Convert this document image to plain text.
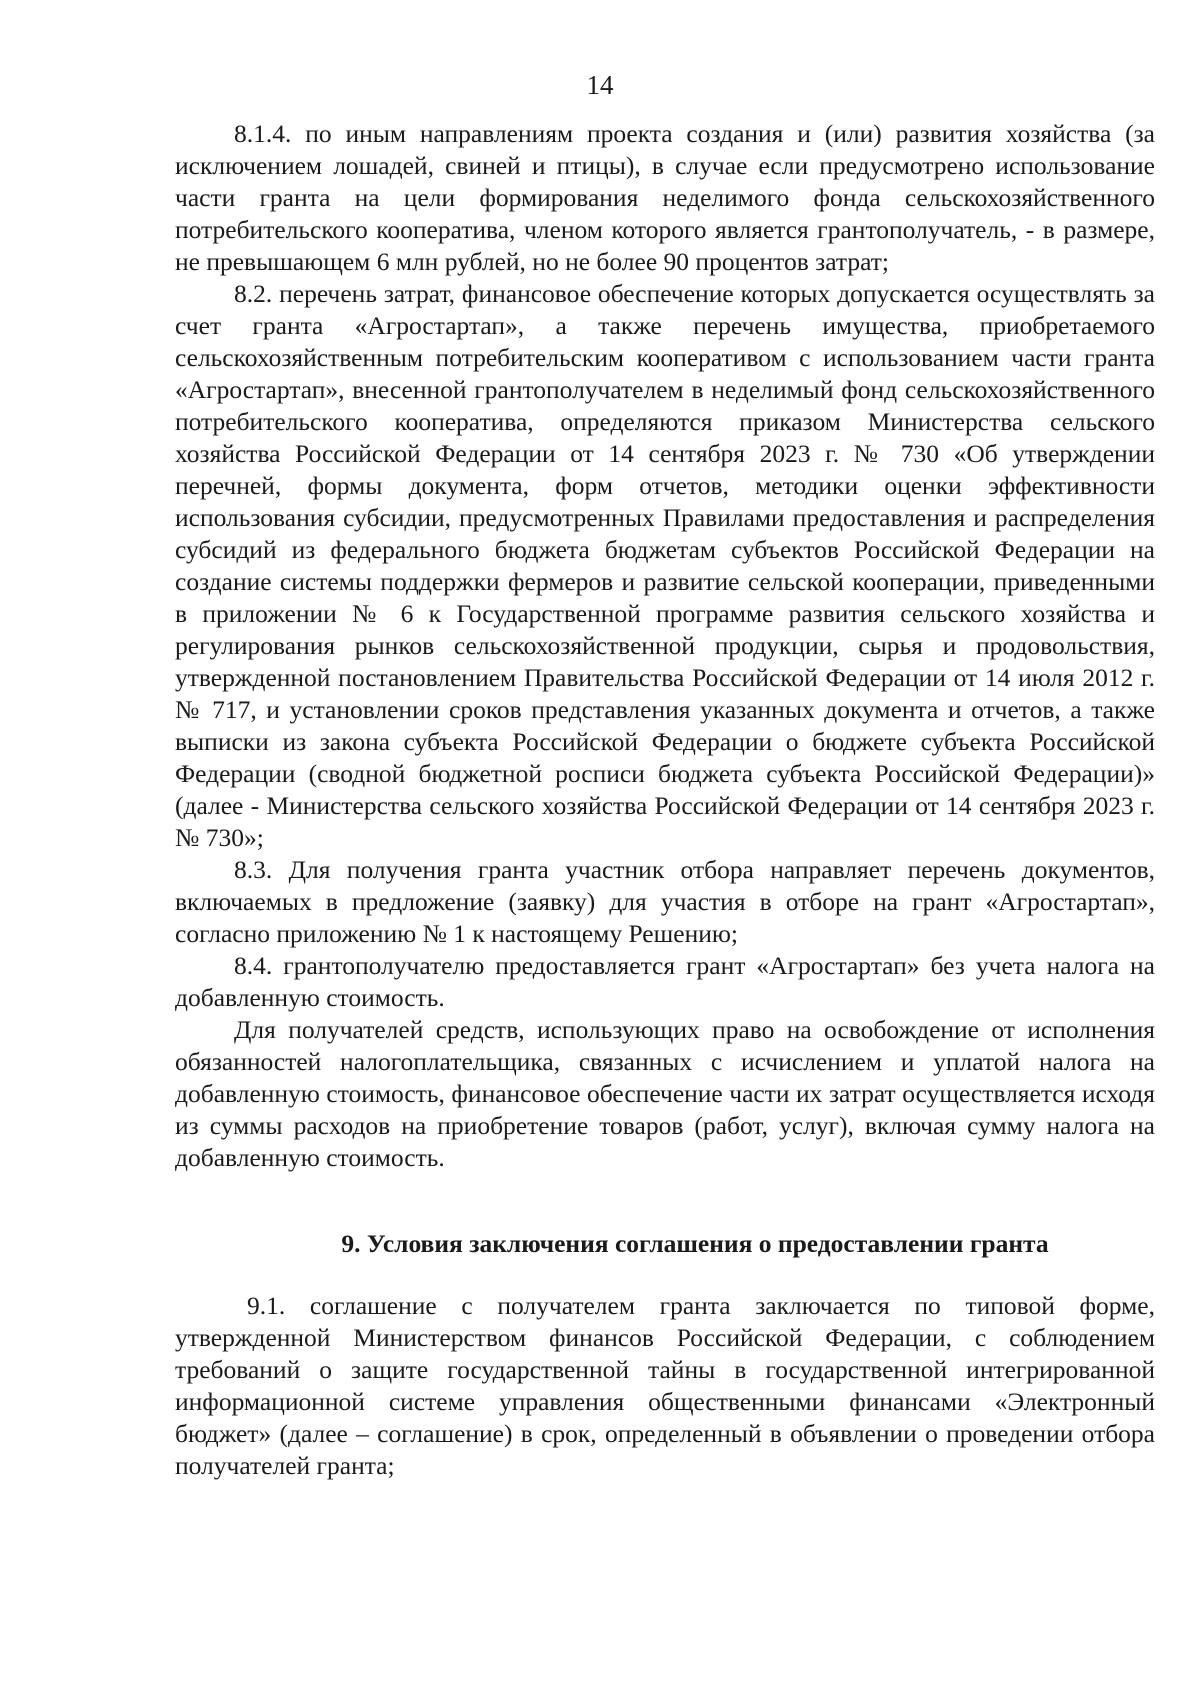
14

8.1.4. по иным направлениям проекта создания и (или) развития хозяйства (за исключением лошадей, свиней и птицы), в случае если предусмотрено использование части гранта на цели формирования неделимого фонда сельскохозяйственного потребительского кооператива, членом которого является грантополучатель, - в размере, не превышающем 6 млн рублей, но не более 90 процентов затрат;

8.2. перечень затрат, финансовое обеспечение которых допускается осуществлять за счет гранта «Агростартап», а также перечень имущества, приобретаемого сельскохозяйственным потребительским кооперативом с использованием части гранта «Агростартап», внесенной грантополучателем в неделимый фонд сельскохозяйственного потребительского кооператива, определяются приказом Министерства сельского хозяйства Российской Федерации от 14 сентября 2023 г. № 730 «Об утверждении перечней, формы документа, форм отчетов, методики оценки эффективности использования субсидии, предусмотренных Правилами предоставления и распределения субсидий из федерального бюджета бюджетам субъектов Российской Федерации на создание системы поддержки фермеров и развитие сельской кооперации, приведенными в приложении № 6 к Государственной программе развития сельского хозяйства и регулирования рынков сельскохозяйственной продукции, сырья и продовольствия, утвержденной постановлением Правительства Российской Федерации от 14 июля 2012 г. № 717, и установлении сроков представления указанных документа и отчетов, а также выписки из закона субъекта Российской Федерации о бюджете субъекта Российской Федерации (сводной бюджетной росписи бюджета субъекта Российской Федерации)» (далее - Министерства сельского хозяйства Российской Федерации от 14 сентября 2023 г. № 730»;

8.3. Для получения гранта участник отбора направляет перечень документов, включаемых в предложение (заявку) для участия в отборе на грант «Агростартап», согласно приложению № 1 к настоящему Решению;

8.4. грантополучателю предоставляется грант «Агростартап» без учета налога на добавленную стоимость.

Для получателей средств, использующих право на освобождение от исполнения обязанностей налогоплательщика, связанных с исчислением и уплатой налога на добавленную стоимость, финансовое обеспечение части их затрат осуществляется исходя из суммы расходов на приобретение товаров (работ, услуг), включая сумму налога на добавленную стоимость.

9. Условия заключения соглашения о предоставлении гранта

9.1. соглашение с получателем гранта заключается по типовой форме, утвержденной Министерством финансов Российской Федерации, с соблюдением требований о защите государственной тайны в государственной интегрированной информационной системе управления общественными финансами «Электронный бюджет» (далее – соглашение) в срок, определенный в объявлении о проведении отбора получателей гранта;
